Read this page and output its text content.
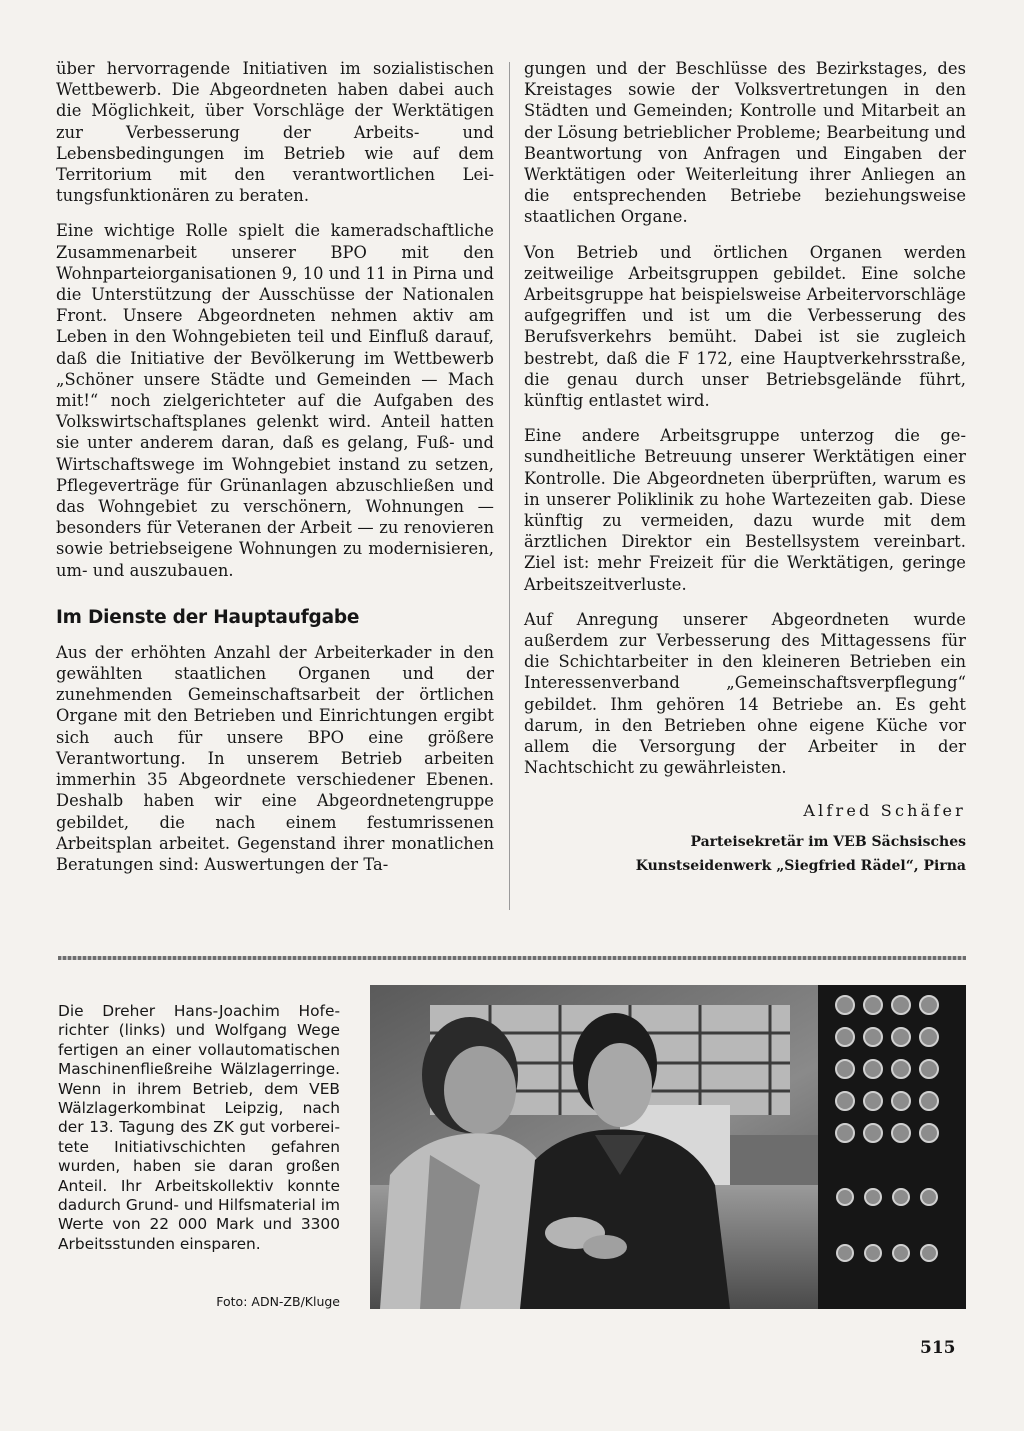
über hervorragende Initiativen im sozialistischen Wettbewerb. Die Abgeordneten haben dabei auch die Möglichkeit, über Vorschläge der Werktätigen zur Verbesserung der Arbeits- und Lebensbedingungen im Betrieb wie auf dem Territorium mit den verantwortlichen Leitungsfunktionären zu beraten.

Eine wichtige Rolle spielt die kameradschaftliche Zusammenarbeit unserer BPO mit den Wohnparteiorganisationen 9, 10 und 11 in Pirna und die Unterstützung der Ausschüsse der Nationalen Front. Unsere Abgeordneten nehmen aktiv am Leben in den Wohngebieten teil und Einfluß darauf, daß die Initiative der Bevölkerung im Wettbewerb „Schöner unsere Städte und Gemeinden — Mach mit!“ noch zielgerichteter auf die Aufgaben des Volkswirtschaftsplanes gelenkt wird. Anteil hatten sie unter anderem daran, daß es gelang, Fuß- und Wirtschaftswege im Wohngebiet instand zu setzen, Pflegeverträge für Grünanlagen abzuschließen und das Wohngebiet zu verschönern, Wohnungen — besonders für Veteranen der Arbeit — zu renovieren sowie betriebseigene Wohnungen zu modernisieren, um- und auszubauen.

Im Dienste der Hauptaufgabe

Aus der erhöhten Anzahl der Arbeiterkader in den gewählten staatlichen Organen und der zunehmenden Gemeinschaftsarbeit der örtlichen Organe mit den Betrieben und Einrichtungen ergibt sich auch für unsere BPO eine größere Verantwortung. In unserem Betrieb arbeiten immerhin 35 Abgeordnete verschiedener Ebenen. Deshalb haben wir eine Abgeordnetengruppe gebildet, die nach einem festumrissenen Arbeitsplan arbeitet. Gegenstand ihrer monatlichen Beratungen sind: Auswertungen der Ta-

gungen und der Beschlüsse des Bezirkstages, des Kreistages sowie der Volksvertretungen in den Städten und Gemeinden; Kontrolle und Mitarbeit an der Lösung betrieblicher Probleme; Bearbeitung und Beantwortung von Anfragen und Eingaben der Werktätigen oder Weiterleitung ihrer Anliegen an die entsprechenden Betriebe beziehungsweise staatlichen Organe.

Von Betrieb und örtlichen Organen werden zeitweilige Arbeitsgruppen gebildet. Eine solche Arbeitsgruppe hat beispielsweise Arbeitervorschläge aufgegriffen und ist um die Verbesserung des Berufsverkehrs bemüht. Dabei ist sie zugleich bestrebt, daß die F 172, eine Hauptverkehrsstraße, die genau durch unser Betriebsgelände führt, künftig entlastet wird.

Eine andere Arbeitsgruppe unterzog die gesundheitliche Betreuung unserer Werktätigen einer Kontrolle. Die Abgeordneten überprüften, warum es in unserer Poliklinik zu hohe Wartezeiten gab. Diese künftig zu vermeiden, dazu wurde mit dem ärztlichen Direktor ein Bestellsystem vereinbart. Ziel ist: mehr Freizeit für die Werktätigen, geringe Arbeitszeitverluste.

Auf Anregung unserer Abgeordneten wurde außerdem zur Verbesserung des Mittagessens für die Schichtarbeiter in den kleineren Betrieben ein Interessenverband „Gemeinschaftsverpflegung“ gebildet. Ihm gehören 14 Betriebe an. Es geht darum, in den Betrieben ohne eigene Küche vor allem die Versorgung der Arbeiter in der Nachtschicht zu gewährleisten.

Alfred Schäfer
Parteisekretär im VEB Sächsisches
Kunstseidenwerk „Siegfried Rädel“, Pirna
Die Dreher Hans-Joachim Hoferichter (links) und Wolfgang Wege fertigen an einer vollautomatischen Maschinenfließreihe Wälzlagerringe. Wenn in ihrem Betrieb, dem VEB Wälzlagerkombinat Leipzig, nach der 13. Tagung des ZK gut vorbereitete Initiativschichten gefahren wurden, haben sie daran großen Anteil. Ihr Arbeitskollektiv konnte dadurch Grund- und Hilfsmaterial im Werte von 22 000 Mark und 3300 Arbeitsstunden einsparen.
Foto: ADN-ZB/Kluge
515
